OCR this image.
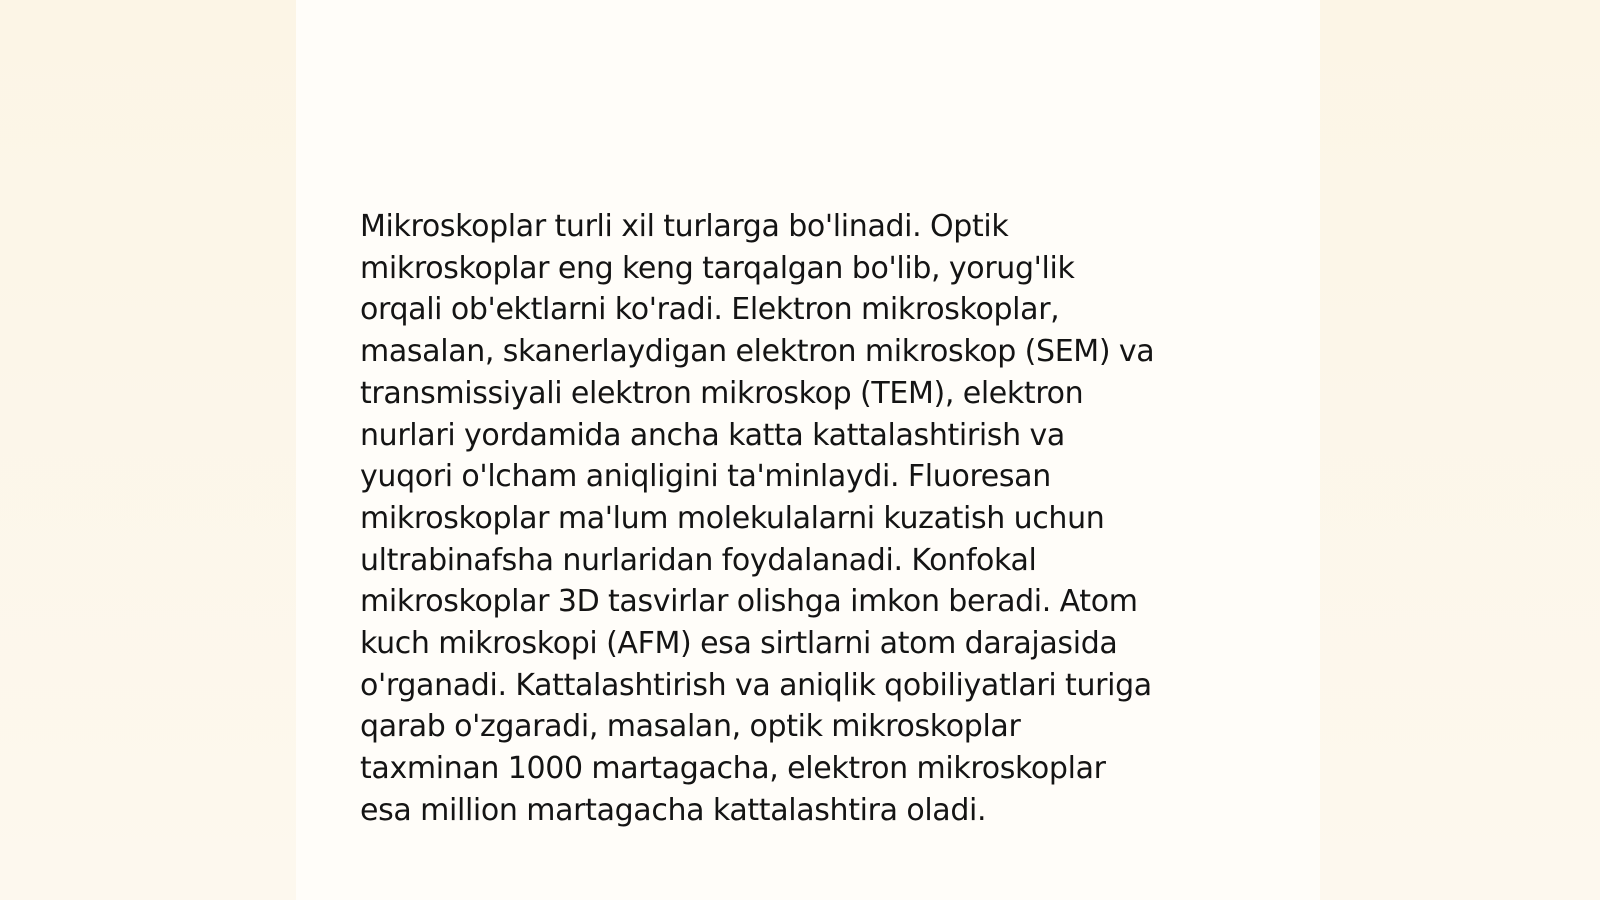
Mikroskoplar turli xil turlarga bo'linadi. Optik
mikroskoplar eng keng tarqalgan bo'lib, yorug'lik
orqali ob'ektlarni ko'radi. Elektron mikroskoplar,
masalan, skanerlaydigan elektron mikroskop (SEM) va
transmissiyali elektron mikroskop (TEM), elektron
nurlari yordamida ancha katta kattalashtirish va
yuqori o'lcham aniqligini ta'minlaydi. Fluoresan
mikroskoplar ma'lum molekulalarni kuzatish uchun
ultrabinafsha nurlaridan foydalanadi. Konfokal
mikroskoplar 3D tasvirlar olishga imkon beradi. Atom
kuch mikroskopi (AFM) esa sirtlarni atom darajasida
o'rganadi. Kattalashtirish va aniqlik qobiliyatlari turiga
qarab o'zgaradi, masalan, optik mikroskoplar
taxminan 1000 martagacha, elektron mikroskoplar
esa million martagacha kattalashtira oladi.
